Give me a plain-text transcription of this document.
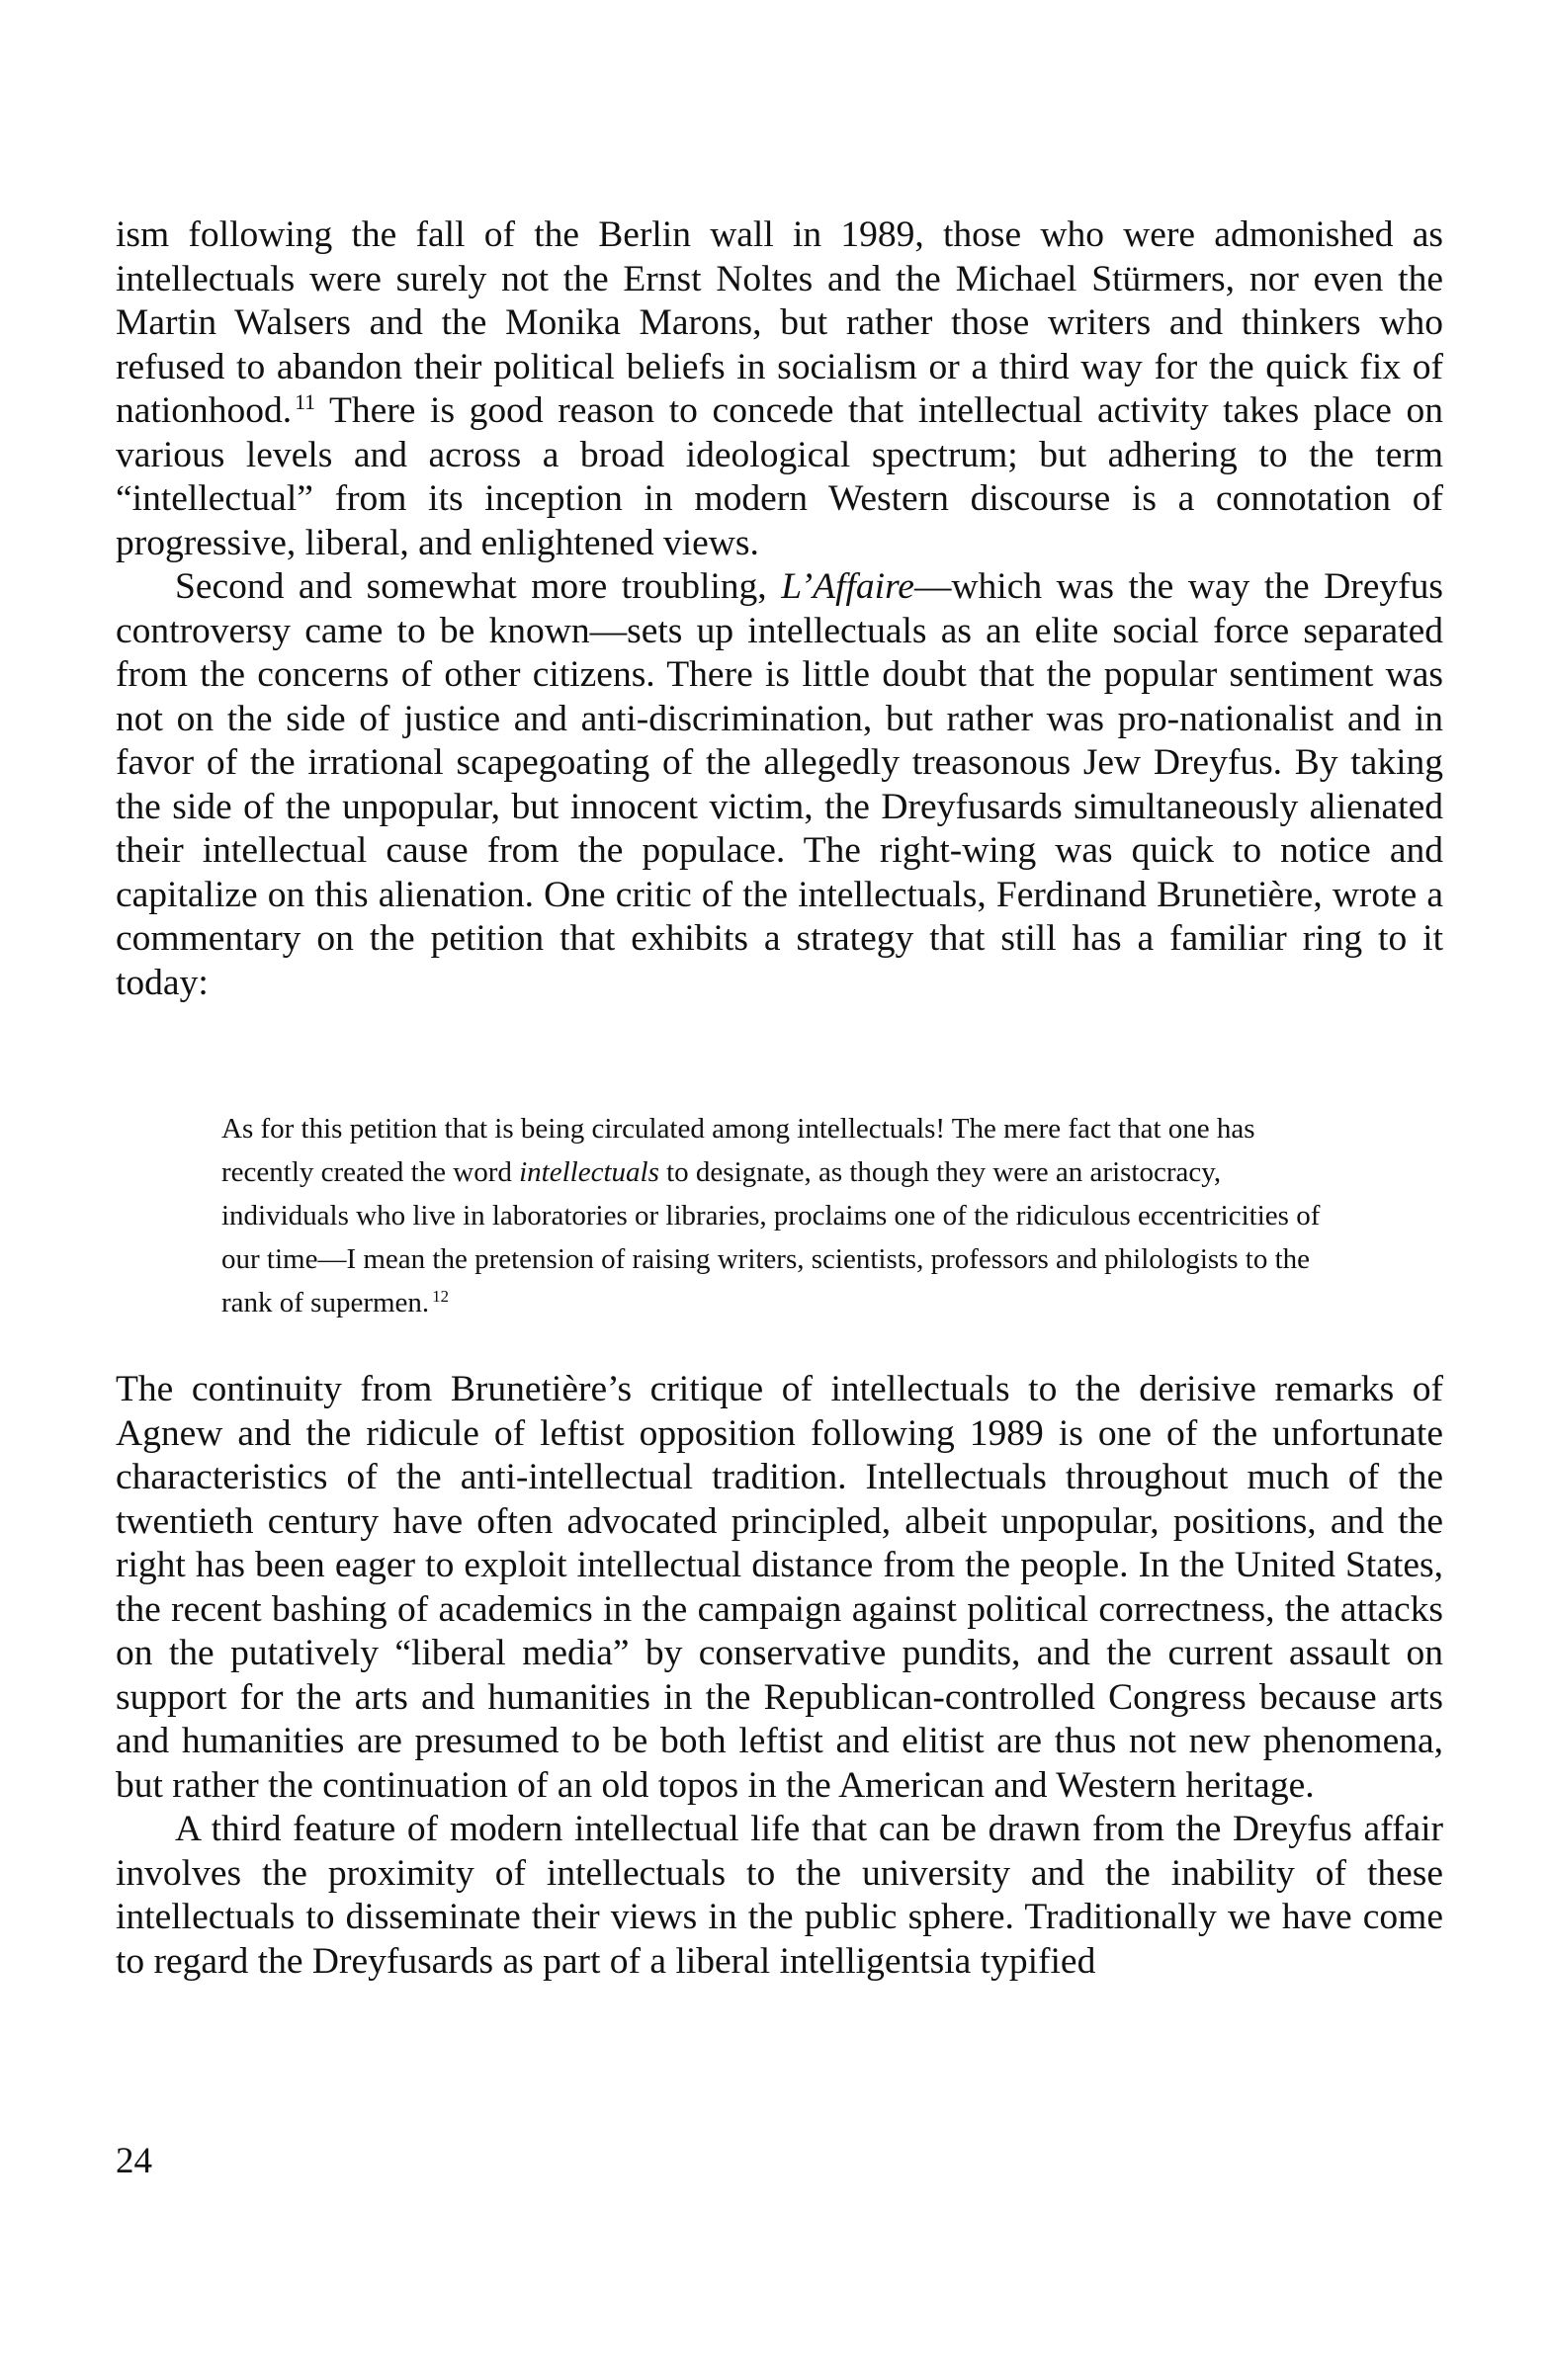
ism following the fall of the Berlin wall in 1989, those who were admonished as intellectuals were surely not the Ernst Noltes and the Michael Stürmers, nor even the Martin Walsers and the Monika Marons, but rather those writers and thinkers who refused to abandon their political beliefs in socialism or a third way for the quick fix of nationhood. $^{11}$ There is good reason to concede that intellectual activity takes place on various levels and across a broad ideological spectrum; but adhering to the term “intellectual” from its inception in modern Western discourse is a connotation of progressive, liberal, and enlightened views.

Second and somewhat more troubling, L’Affaire—which was the way the Dreyfus controversy came to be known—sets up intellectuals as an elite social force separated from the concerns of other citizens. There is little doubt that the popular sentiment was not on the side of justice and anti-discrimination, but rather was pro-nationalist and in favor of the irrational scapegoating of the allegedly treasonous Jew Dreyfus. By taking the side of the unpopular, but innocent victim, the Dreyfusards simultaneously alienated their intellectual cause from the populace. The right-wing was quick to notice and capitalize on this alienation. One critic of the intellectuals, Ferdinand Brunetière, wrote a commentary on the petition that exhibits a strategy that still has a familiar ring to it today:

As for this petition that is being circulated among intellectuals! The mere fact that one has recently created the word intellectuals to designate, as though they were an aristocracy, individuals who live in laboratories or libraries, proclaims one of the ridiculous eccentricities of our time—I mean the pretension of raising writers, scientists, professors and philologists to the rank of supermen. $^{12}$

The continuity from Brunetière’s critique of intellectuals to the derisive remarks of Agnew and the ridicule of leftist opposition following 1989 is one of the unfortunate characteristics of the anti-intellectual tradition. Intellectuals throughout much of the twentieth century have often advocated principled, albeit unpopular, positions, and the right has been eager to exploit intellectual distance from the people. In the United States, the recent bashing of academics in the campaign against political correctness, the attacks on the putatively “liberal media” by conservative pundits, and the current assault on support for the arts and humanities in the Republican-controlled Congress because arts and humanities are presumed to be both leftist and elitist are thus not new phenomena, but rather the continuation of an old topos in the American and Western heritage.

A third feature of modern intellectual life that can be drawn from the Dreyfus affair involves the proximity of intellectuals to the university and the inability of these intellectuals to disseminate their views in the public sphere. Traditionally we have come to regard the Dreyfusards as part of a liberal intelligentsia typified

24
